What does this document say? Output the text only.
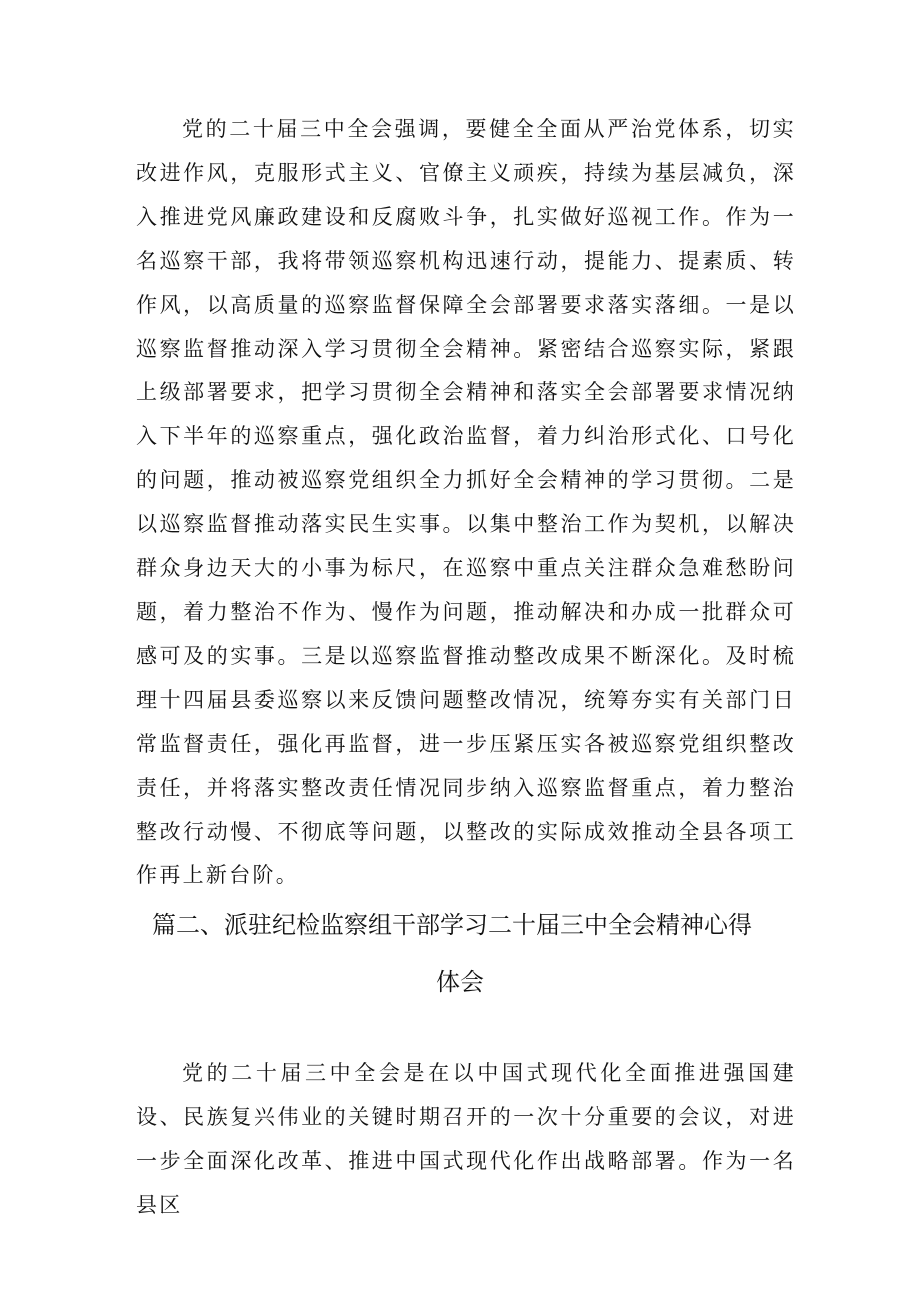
党的二十届三中全会强调，要健全全面从严治党体系，切实改进作风，克服形式主义、官僚主义顽疾，持续为基层减负，深入推进党风廉政建设和反腐败斗争，扎实做好巡视工作。作为一名巡察干部，我将带领巡察机构迅速行动，提能力、提素质、转作风，以高质量的巡察监督保障全会部署要求落实落细。一是以巡察监督推动深入学习贯彻全会精神。紧密结合巡察实际，紧跟上级部署要求，把学习贯彻全会精神和落实全会部署要求情况纳入下半年的巡察重点，强化政治监督，着力纠治形式化、口号化的问题，推动被巡察党组织全力抓好全会精神的学习贯彻。二是以巡察监督推动落实民生实事。以集中整治工作为契机，以解决群众身边天大的小事为标尺，在巡察中重点关注群众急难愁盼问题，着力整治不作为、慢作为问题，推动解决和办成一批群众可感可及的实事。三是以巡察监督推动整改成果不断深化。及时梳理十四届县委巡察以来反馈问题整改情况，统筹夯实有关部门日常监督责任，强化再监督，进一步压紧压实各被巡察党组织整改责任，并将落实整改责任情况同步纳入巡察监督重点，着力整治整改行动慢、不彻底等问题，以整改的实际成效推动全县各项工作再上新台阶。

篇二、派驻纪检监察组干部学习二十届三中全会精神心得
体会

党的二十届三中全会是在以中国式现代化全面推进强国建设、民族复兴伟业的关键时期召开的一次十分重要的会议，对进一步全面深化改革、推进中国式现代化作出战略部署。作为一名县区
